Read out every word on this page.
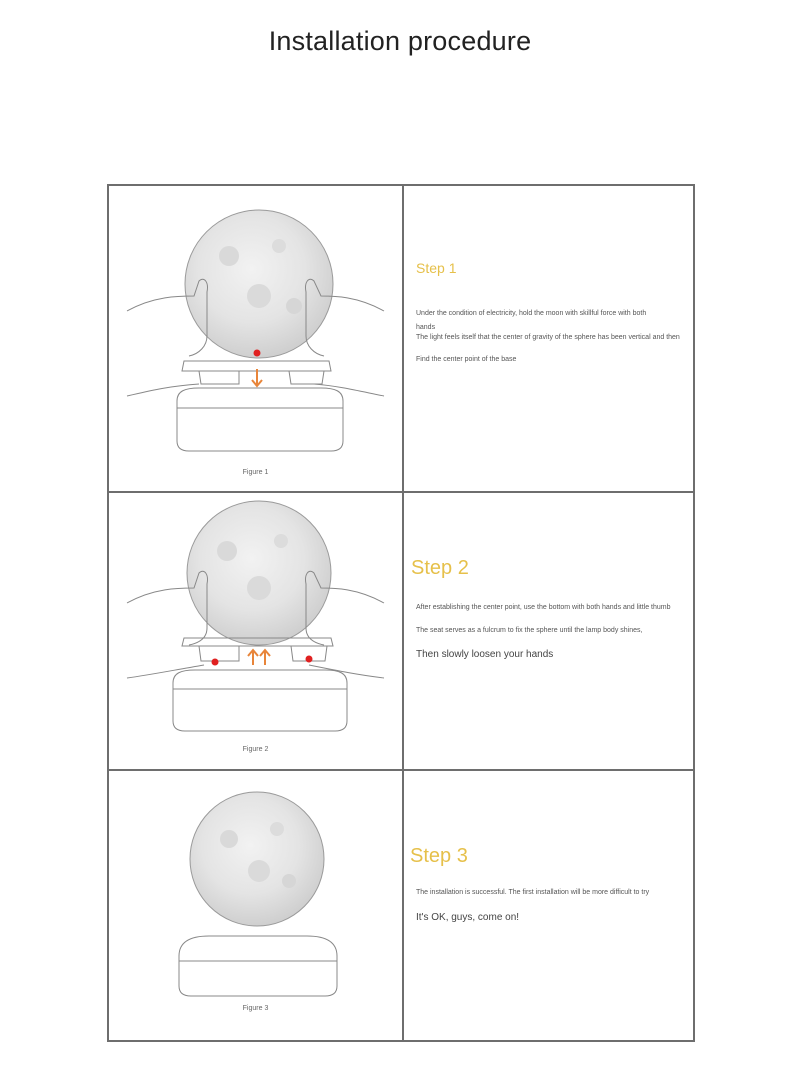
Installation procedure
Figure 1
Step 1
Under the condition of electricity, hold the moon with skillful force with both
hands
The light feels itself that the center of gravity of the sphere has been vertical and then
Find the center point of the base
Figure 2
Step 2
After establishing the center point, use the bottom with both hands and little thumb
The seat serves as a fulcrum to fix the sphere until the lamp body shines,
Then slowly loosen your hands
Figure 3
Step 3
The installation is successful. The first installation will be more difficult to try
It's OK, guys, come on!
